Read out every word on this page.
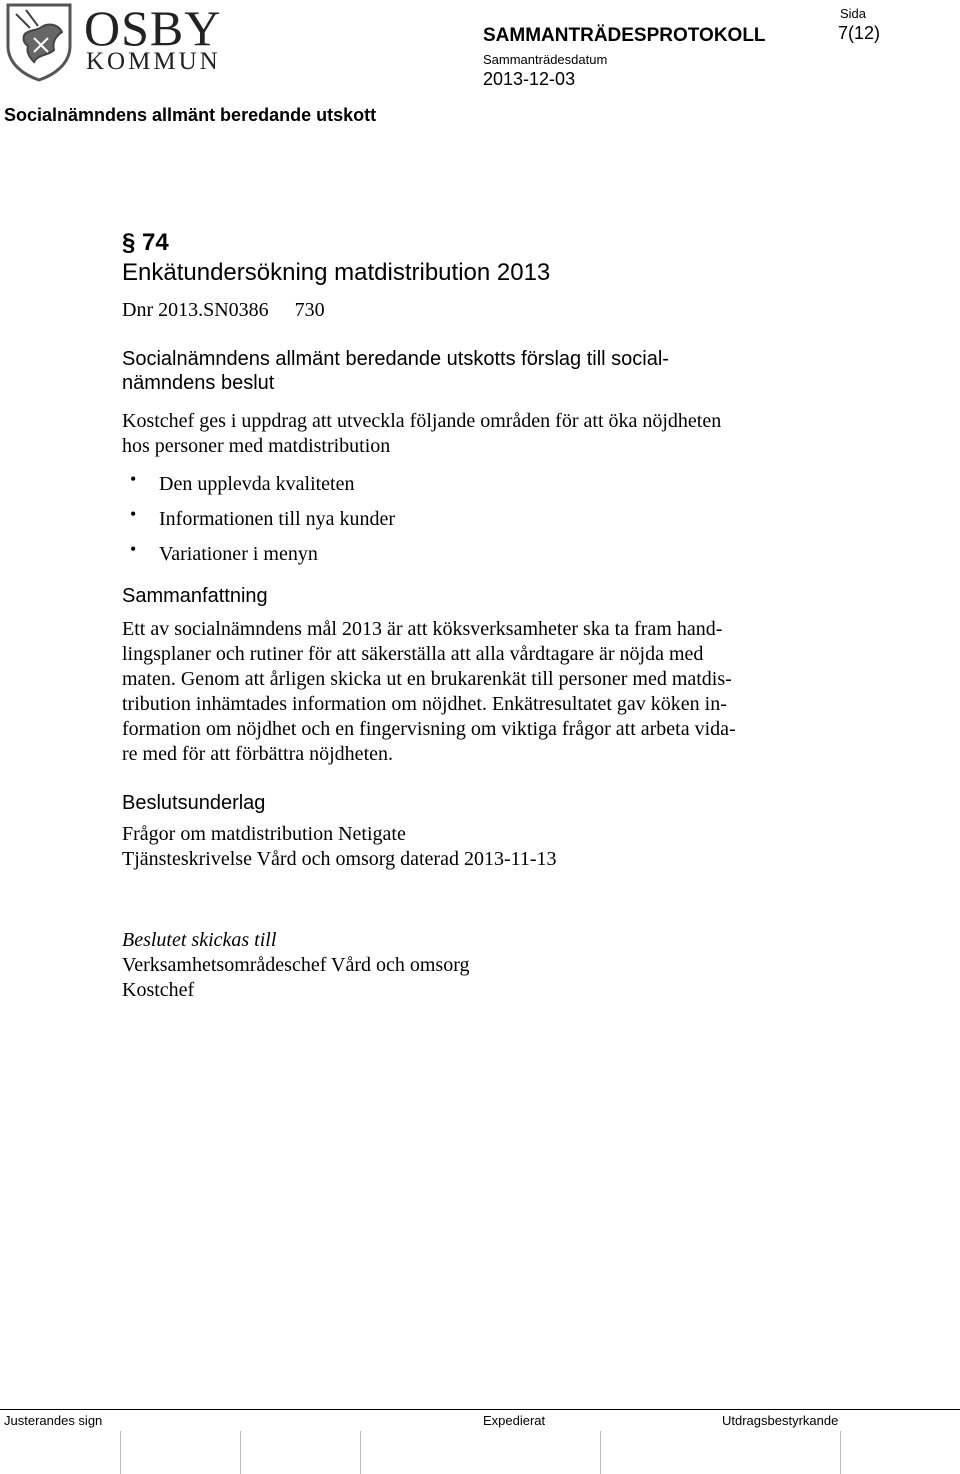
OSBY
KOMMUN
SAMMANTRÄDESPROTOKOLL
Sammanträdesdatum
2013-12-03
Sida
7(12)
Socialnämndens allmänt beredande utskott
§ 74
Enkätundersökning matdistribution 2013
Dnr 2013.SN0386 730
Socialnämndens allmänt beredande utskotts förslag till social-
nämndens beslut
Kostchef ges i uppdrag att utveckla följande områden för att öka nöjdheten
hos personer med matdistribution
• Den upplevda kvaliteten
• Informationen till nya kunder
• Variationer i menyn
Sammanfattning
Ett av socialnämndens mål 2013 är att köksverksamheter ska ta fram hand-
lingsplaner och rutiner för att säkerställa att alla vårdtagare är nöjda med
maten. Genom att årligen skicka ut en brukarenkät till personer med matdis-
tribution inhämtades information om nöjdhet. Enkätresultatet gav köken in-
formation om nöjdhet och en fingervisning om viktiga frågor att arbeta vida-
re med för att förbättra nöjdheten.
Beslutsunderlag
Frågor om matdistribution Netigate
Tjänsteskrivelse Vård och omsorg daterad 2013-11-13
Beslutet skickas till
Verksamhetsområdeschef Vård och omsorg
Kostchef
Justerandes sign	Expedierat	Utdragsbestyrkande
